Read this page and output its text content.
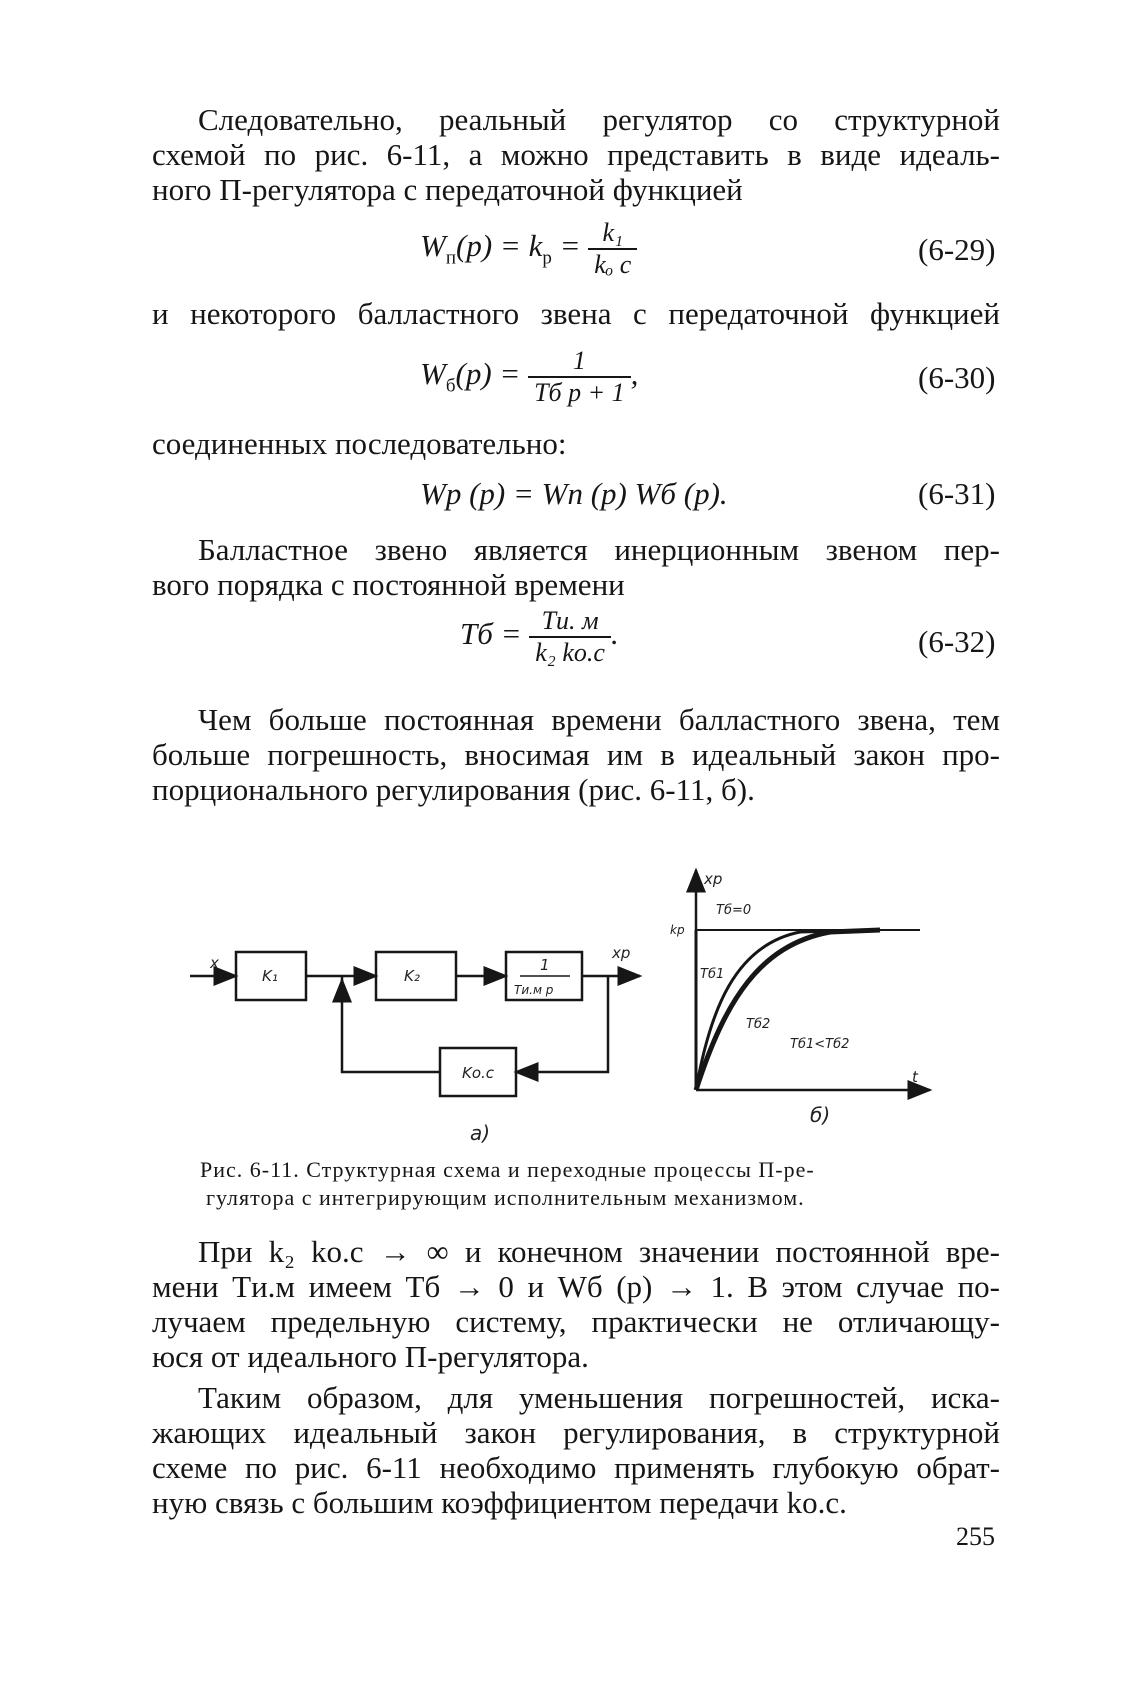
Следовательно, реальный регулятор со структурной
схемой по рис. 6-11, а можно представить в виде идеаль-
ного П-регулятора с передаточной функцией
$W_п(p) = k_р = \frac{\text{k₁}}{\text{kₒ с}}$	(6-29)
и некоторого балластного звена с передаточной функцией
$W_б(p) = \frac{1}{\text{Tб p + 1}}$ ,	(6-30)
соединенных последовательно:
Wр (p) = Wп (p) Wб (p).	(6-31)
Балластное звено является инерционным звеном пер-
вого порядка с постоянной времени
Tб = $\frac{Tи. м}{\text{k₂ kо.с}}$ .	(6-32)
Чем больше постоянная времени балластного звена, тем
больше погрешность, вносимая им в идеальный закон про-
порционального регулирования (рис. 6-11, б).
x
xр
K₁	K₂
1
Tи.м p
Kо.с
а)
xр
t
kр
Tб=0
Tб1
Tб2
Tб1<Tб2
б)
Рис. 6-11. Структурная схема и переходные процессы П-ре-
гулятора с интегрирующим исполнительным механизмом.
При k₂ kо.с → ∞ и конечном значении постоянной вре-
мени Tи.м имеем Tб → 0 и Wб (p) → 1. В этом случае по-
лучаем предельную систему, практически не отличающу-
юся от идеального П-регулятора.
Таким образом, для уменьшения погрешностей, иска-
жающих идеальный закон регулирования, в структурной
схеме по рис. 6-11 необходимо применять глубокую обрат-
ную связь с большим коэффициентом передачи kо.с.
255
